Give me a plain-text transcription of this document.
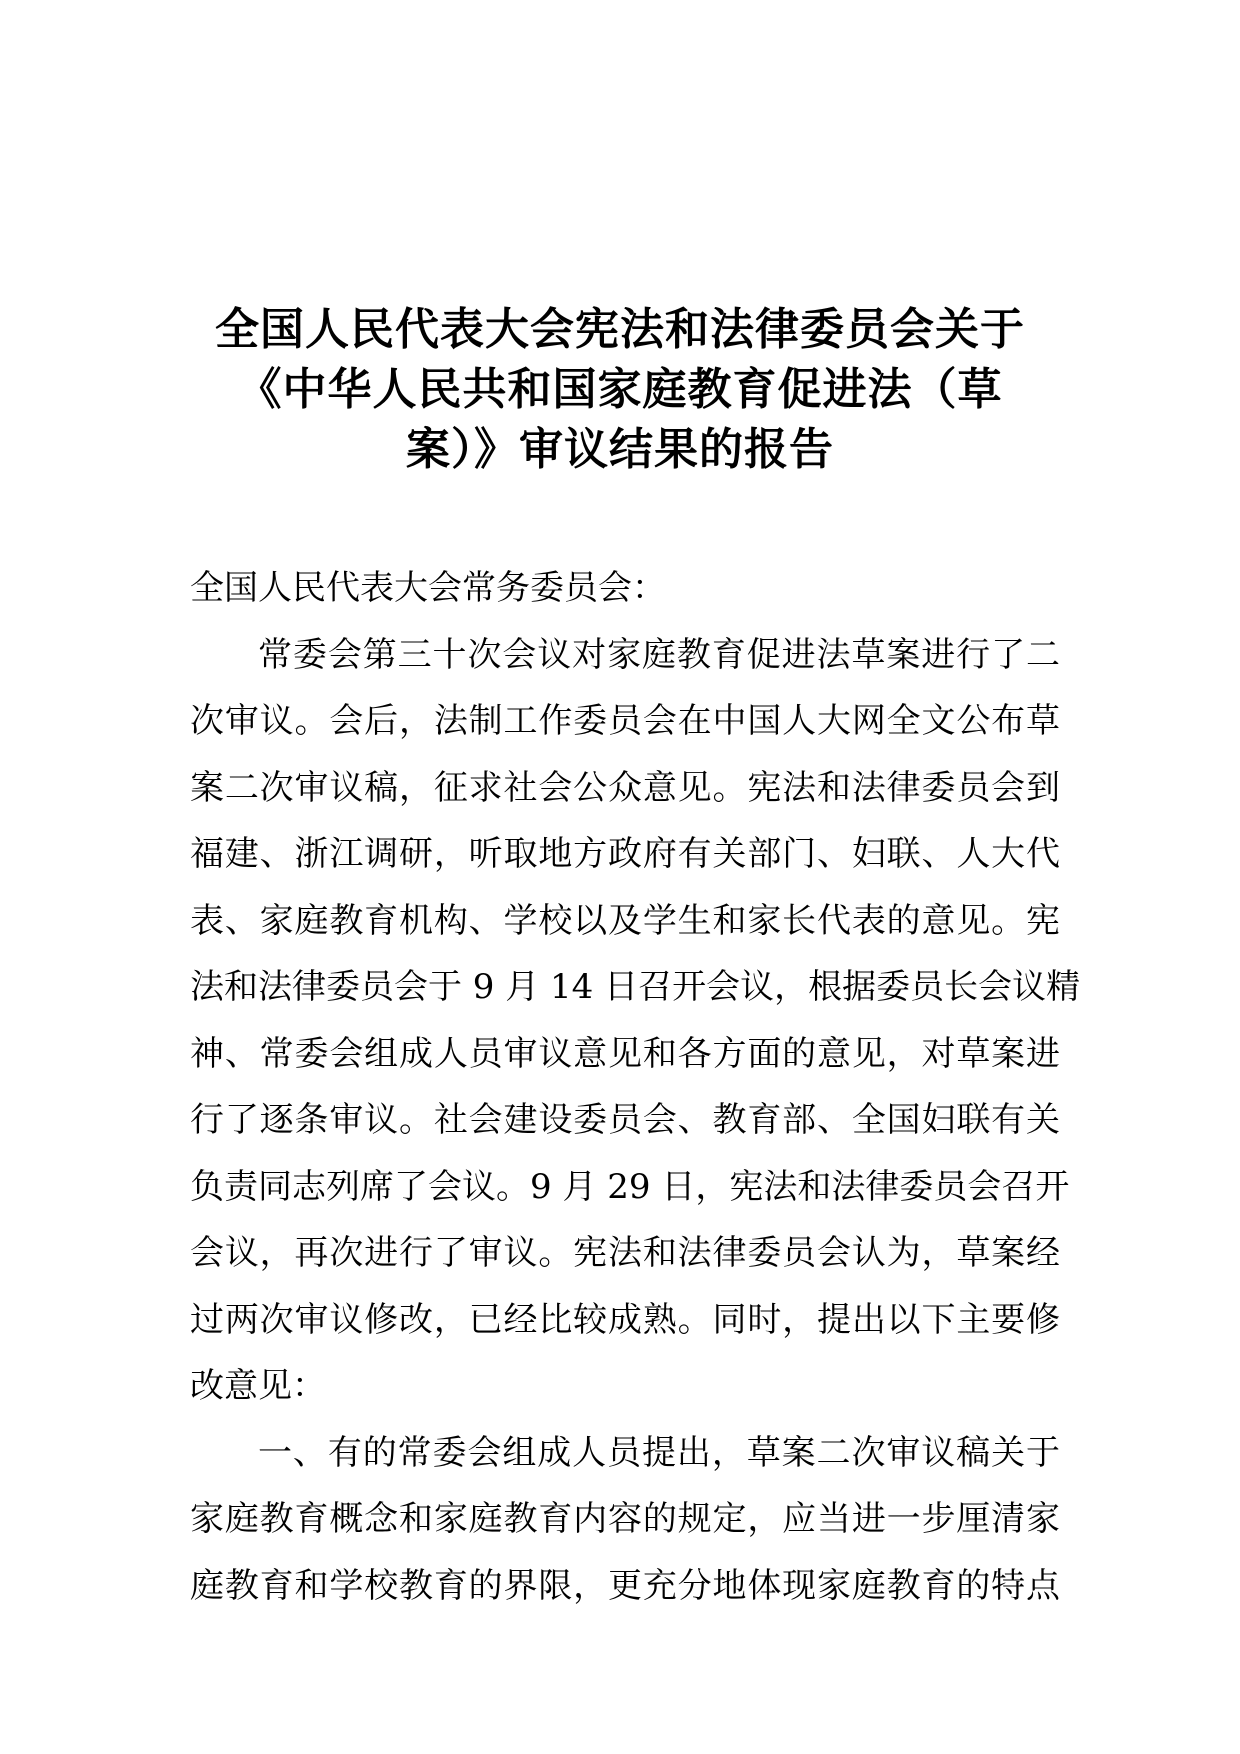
全国人民代表大会宪法和法律委员会关于
《中华人民共和国家庭教育促进法（草
案）》审议结果的报告
全国人民代表大会常务委员会：
常委会第三十次会议对家庭教育促进法草案进行了二
次审议。会后，法制工作委员会在中国人大网全文公布草
案二次审议稿，征求社会公众意见。宪法和法律委员会到
福建、浙江调研，听取地方政府有关部门、妇联、人大代
表、家庭教育机构、学校以及学生和家长代表的意见。宪
法和法律委员会于 9 月 14 日召开会议，根据委员长会议精
神、常委会组成人员审议意见和各方面的意见，对草案进
行了逐条审议。社会建设委员会、教育部、全国妇联有关
负责同志列席了会议。9 月 29 日，宪法和法律委员会召开
会议，再次进行了审议。宪法和法律委员会认为，草案经
过两次审议修改，已经比较成熟。同时，提出以下主要修
改意见：
一、有的常委会组成人员提出，草案二次审议稿关于
家庭教育概念和家庭教育内容的规定，应当进一步厘清家
庭教育和学校教育的界限，更充分地体现家庭教育的特点
